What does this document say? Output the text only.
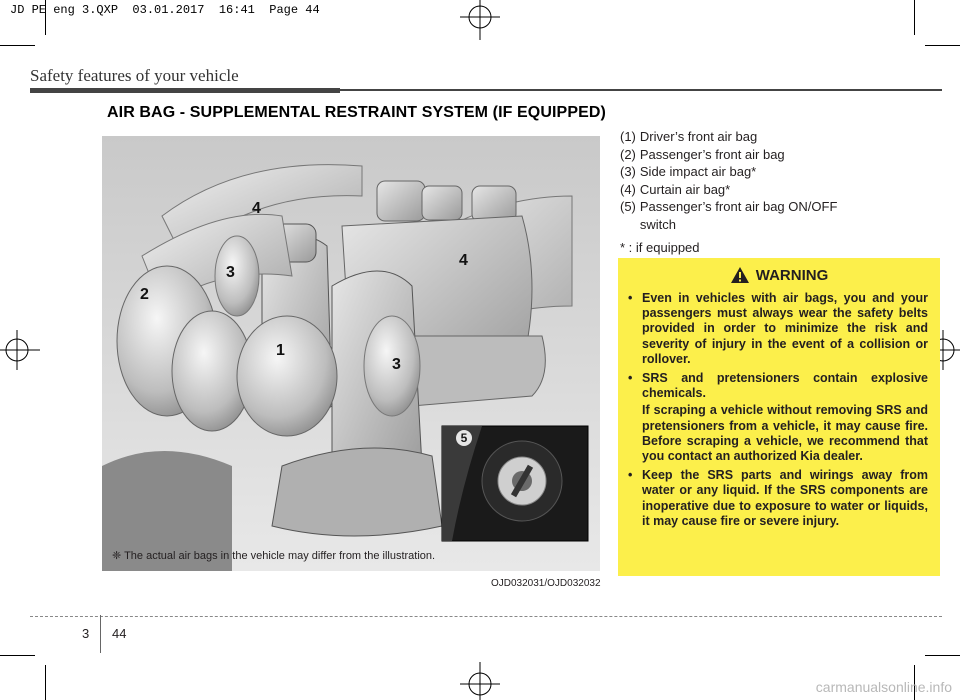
JD PE eng 3.QXP  03.01.2017  16:41  Page 44
Safety features of your vehicle
AIR BAG - SUPPLEMENTAL RESTRAINT SYSTEM (IF EQUIPPED)
4
3
2
1
4
3
5
❈ The actual air bags in the vehicle may differ from the illustration.
OJD032031/OJD032032
(1) Driver’s front air bag
(2) Passenger’s front air bag
(3) Side impact air bag*
(4) Curtain air bag*
(5) Passenger’s front air bag ON/OFF switch
* : if equipped
WARNING
• Even in vehicles with air bags, you and your passengers must always wear the safety belts provided in order to minimize the risk and severity of injury in the event of a collision or rollover.
• SRS and pretensioners contain explosive chemicals.
If scraping a vehicle without removing SRS and pretensioners from a vehicle, it may cause fire. Before scraping a vehicle, we recommend that you contact an authorized Kia dealer.
• Keep the SRS parts and wirings away from water or any liquid. If the SRS components are inoperative due to exposure to water or liquids, it may cause fire or severe injury.
3 44
carmanualsonline.info
